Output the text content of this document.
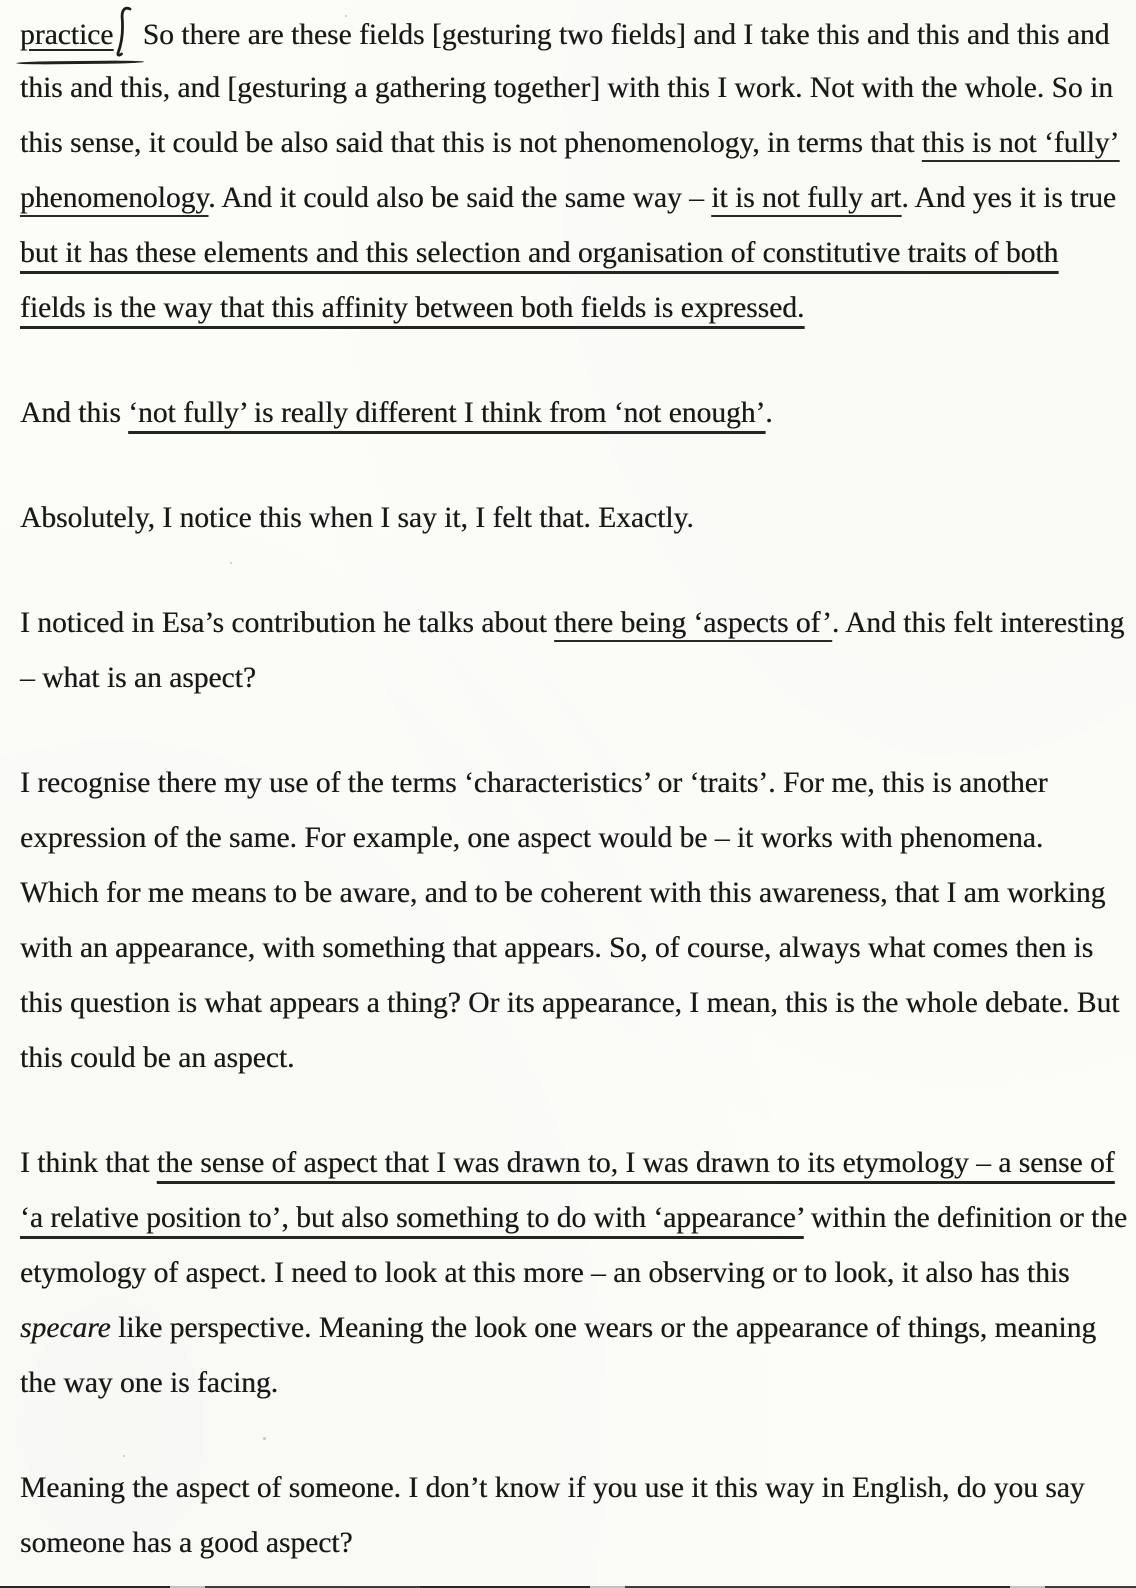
practice So there are these fields [gesturing two fields] and I take this and this and this and
this and this, and [gesturing a gathering together] with this I work. Not with the whole. So in
this sense, it could be also said that this is not phenomenology, in terms that this is not ‘fully’
phenomenology. And it could also be said the same way – it is not fully art. And yes it is true
but it has these elements and this selection and organisation of constitutive traits of both
fields is the way that this affinity between both fields is expressed.
And this ‘not fully’ is really different I think from ‘not enough’.
Absolutely, I notice this when I say it, I felt that. Exactly.
I noticed in Esa’s contribution he talks about there being ‘aspects of’. And this felt interesting
– what is an aspect?
I recognise there my use of the terms ‘characteristics’ or ‘traits’. For me, this is another
expression of the same. For example, one aspect would be – it works with phenomena.
Which for me means to be aware, and to be coherent with this awareness, that I am working
with an appearance, with something that appears. So, of course, always what comes then is
this question is what appears a thing? Or its appearance, I mean, this is the whole debate. But
this could be an aspect.
I think that the sense of aspect that I was drawn to, I was drawn to its etymology – a sense of
‘a relative position to’, but also something to do with ‘appearance’ within the definition or the
etymology of aspect. I need to look at this more – an observing or to look, it also has this
specare like perspective. Meaning the look one wears or the appearance of things, meaning
the way one is facing.
Meaning the aspect of someone. I don’t know if you use it this way in English, do you say
someone has a good aspect?
